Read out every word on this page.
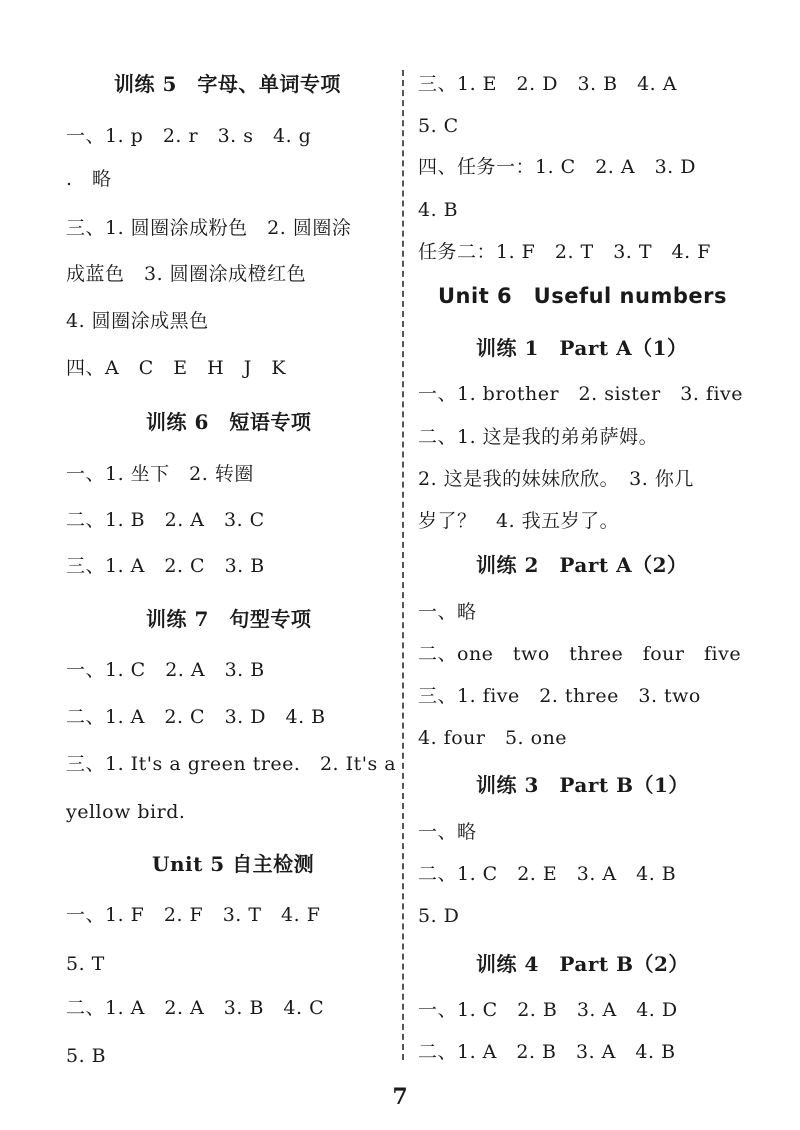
训练 5　字母、单词专项
一、1. p　2. r　3. s　4. g
.　略
三、1. 圆圈涂成粉色　2. 圆圈涂
成蓝色　3. 圆圈涂成橙红色
4. 圆圈涂成黑色
四、A　C　E　H　J　K
训练 6　短语专项
一、1. 坐下　2. 转圈
二、1. B　2. A　3. C
三、1. A　2. C　3. B
训练 7　句型专项
一、1. C　2. A　3. B
二、1. A　2. C　3. D　4. B
三、1. It's a green tree.　2. It's a
yellow bird.
Unit 5 自主检测
一、1. F　2. F　3. T　4. F
5. T
二、1. A　2. A　3. B　4. C
5. B
三、1. E　2. D　3. B　4. A
5. C
四、任务一：1. C　2. A　3. D
4. B
任务二：1. F　2. T　3. T　4. F
Unit 6　Useful numbers
训练 1　Part A（1）
一、1. brother　2. sister　3. five
二、1. 这是我的弟弟萨姆。
2. 这是我的妹妹欣欣。　3. 你几
岁了？　4. 我五岁了。
训练 2　Part A（2）
一、略
二、one　two　three　four　five
三、1. five　2. three　3. two
4. four　5. one
训练 3　Part B（1）
一、略
二、1. C　2. E　3. A　4. B
5. D
训练 4　Part B（2）
一、1. C　2. B　3. A　4. D
二、1. A　2. B　3. A　4. B
7
